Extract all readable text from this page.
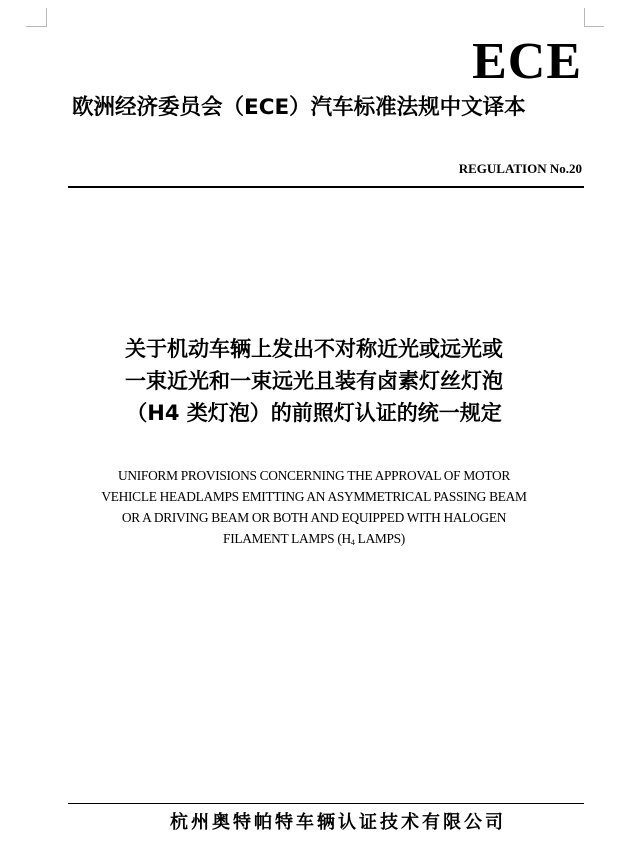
ECE
欧洲经济委员会（ECE）汽车标准法规中文译本
REGULATION No.20
关于机动车辆上发出不对称近光或远光或
一束近光和一束远光且装有卤素灯丝灯泡
（H4 类灯泡）的前照灯认证的统一规定
UNIFORM PROVISIONS CONCERNING THE APPROVAL OF MOTOR
VEHICLE HEADLAMPS EMITTING AN ASYMMETRICAL PASSING BEAM
OR A DRIVING BEAM OR BOTH AND EQUIPPED WITH HALOGEN
FILAMENT LAMPS ($H_4$ LAMPS)
杭州奥特帕特车辆认证技术有限公司
